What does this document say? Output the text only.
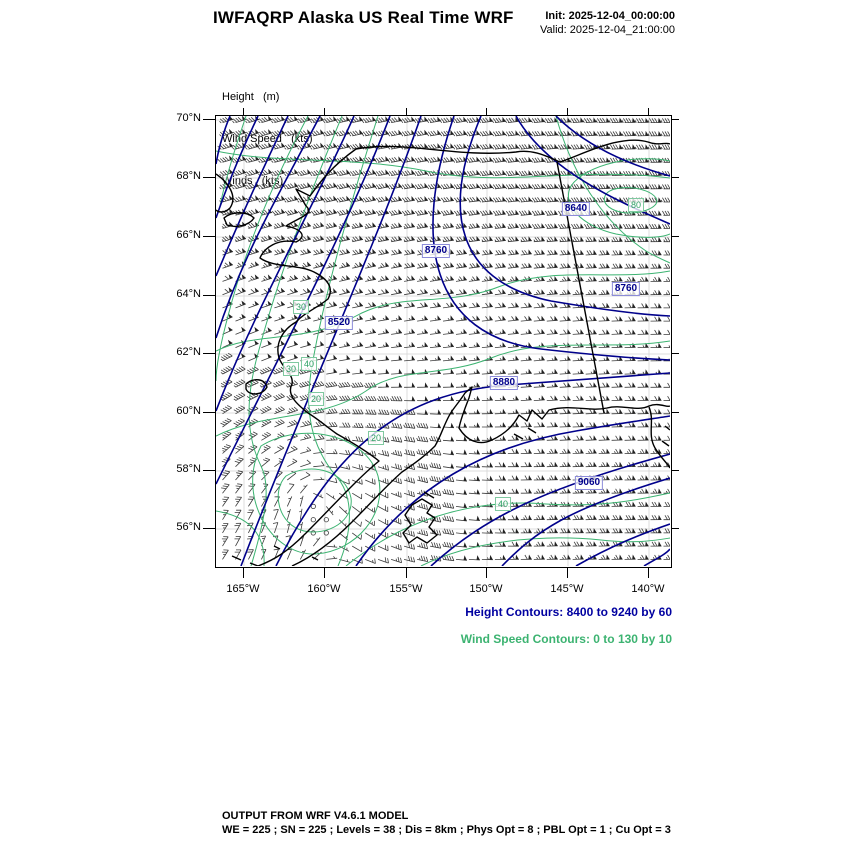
IWFAQRP Alaska US Real Time WRF	Init: 2025-12-04_00:00:00
Valid: 2025-12-04_21:00:00

Height   (m)

Wind Speed   (kts)

Winds   (kts)

8640
8760
8760
8520
8880
9060
80
30
40
30
20
20
40
Height Contours: 8400 to 9240 by 60
Wind Speed Contours: 0 to 130 by 10
OUTPUT FROM WRF V4.6.1 MODEL
WE = 225 ; SN = 225 ; Levels = 38 ; Dis = 8km ; Phys Opt = 8 ; PBL Opt = 1 ; Cu Opt = 3
70°N
68°N
66°N
64°N
62°N
60°N
58°N
56°N
165°W	160°W	155°W	150°W	145°W	140°W
